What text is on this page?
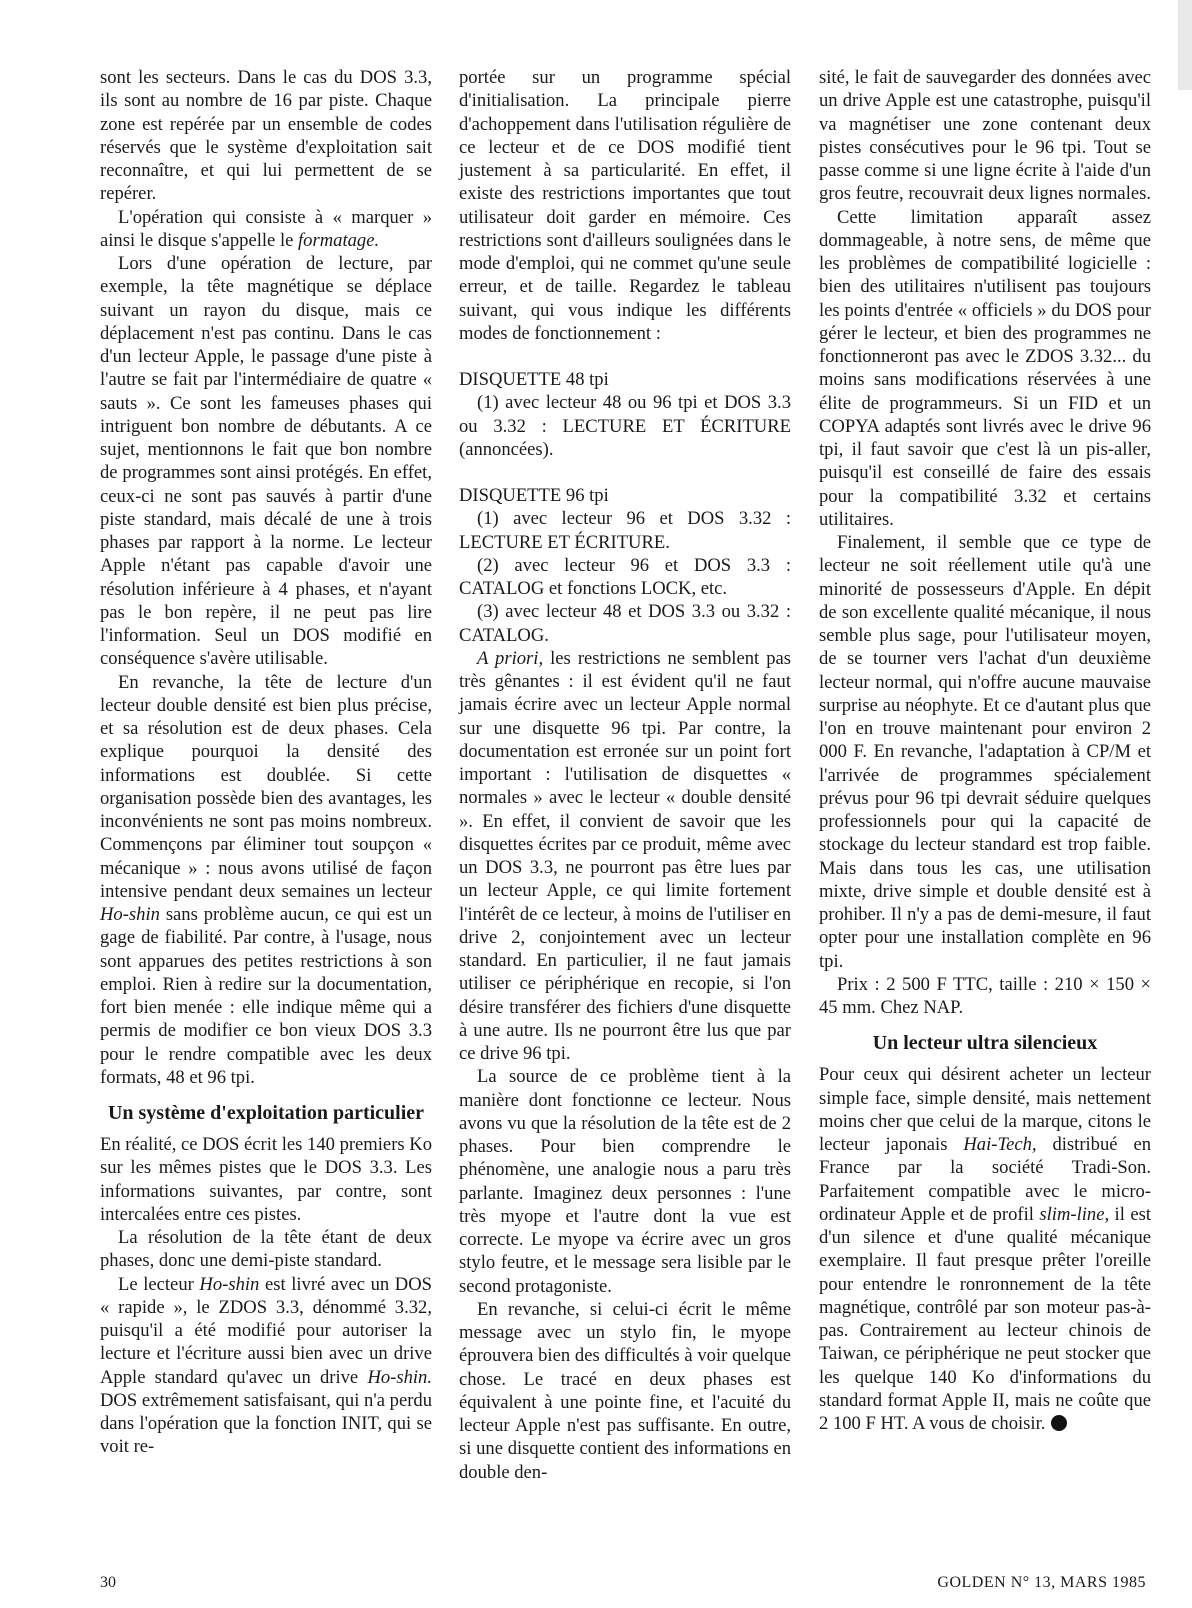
sont les secteurs. Dans le cas du DOS 3.3, ils sont au nombre de 16 par piste. Chaque zone est repérée par un ensemble de codes réservés que le système d'exploitation sait reconnaître, et qui lui permettent de se repérer.

L'opération qui consiste à « marquer » ainsi le disque s'appelle le formatage.

Lors d'une opération de lecture, par exemple, la tête magnétique se déplace suivant un rayon du disque, mais ce déplacement n'est pas continu. Dans le cas d'un lecteur Apple, le passage d'une piste à l'autre se fait par l'intermédiaire de quatre « sauts ». Ce sont les fameuses phases qui intriguent bon nombre de débutants. A ce sujet, mentionnons le fait que bon nombre de programmes sont ainsi protégés. En effet, ceux-ci ne sont pas sauvés à partir d'une piste standard, mais décalé de une à trois phases par rapport à la norme. Le lecteur Apple n'étant pas capable d'avoir une résolution inférieure à 4 phases, et n'ayant pas le bon repère, il ne peut pas lire l'information. Seul un DOS modifié en conséquence s'avère utilisable.

En revanche, la tête de lecture d'un lecteur double densité est bien plus précise, et sa résolution est de deux phases. Cela explique pourquoi la densité des informations est doublée. Si cette organisation possède bien des avantages, les inconvénients ne sont pas moins nombreux. Commençons par éliminer tout soupçon « mécanique » : nous avons utilisé de façon intensive pendant deux semaines un lecteur Ho-shin sans problème aucun, ce qui est un gage de fiabilité. Par contre, à l'usage, nous sont apparues des petites restrictions à son emploi. Rien à redire sur la documentation, fort bien menée : elle indique même qui a permis de modifier ce bon vieux DOS 3.3 pour le rendre compatible avec les deux formats, 48 et 96 tpi.

Un système d'exploitation particulier

En réalité, ce DOS écrit les 140 premiers Ko sur les mêmes pistes que le DOS 3.3. Les informations suivantes, par contre, sont intercalées entre ces pistes.

La résolution de la tête étant de deux phases, donc une demi-piste standard.

Le lecteur Ho-shin est livré avec un DOS « rapide », le ZDOS 3.3, dénommé 3.32, puisqu'il a été modifié pour autoriser la lecture et l'écriture aussi bien avec un drive Apple standard qu'avec un drive Ho-shin. DOS extrêmement satisfaisant, qui n'a perdu dans l'opération que la fonction INIT, qui se voit re-

portée sur un programme spécial d'initialisation. La principale pierre d'achoppement dans l'utilisation régulière de ce lecteur et de ce DOS modifié tient justement à sa particularité. En effet, il existe des restrictions importantes que tout utilisateur doit garder en mémoire. Ces restrictions sont d'ailleurs soulignées dans le mode d'emploi, qui ne commet qu'une seule erreur, et de taille. Regardez le tableau suivant, qui vous indique les différents modes de fonctionnement :

DISQUETTE 48 tpi

(1) avec lecteur 48 ou 96 tpi et DOS 3.3 ou 3.32 : LECTURE ET ÉCRITURE (annoncées).

DISQUETTE 96 tpi

(1) avec lecteur 96 et DOS 3.32 : LECTURE ET ÉCRITURE.

(2) avec lecteur 96 et DOS 3.3 : CATALOG et fonctions LOCK, etc.

(3) avec lecteur 48 et DOS 3.3 ou 3.32 : CATALOG.

A priori, les restrictions ne semblent pas très gênantes : il est évident qu'il ne faut jamais écrire avec un lecteur Apple normal sur une disquette 96 tpi. Par contre, la documentation est erronée sur un point fort important : l'utilisation de disquettes « normales » avec le lecteur « double densité ». En effet, il convient de savoir que les disquettes écrites par ce produit, même avec un DOS 3.3, ne pourront pas être lues par un lecteur Apple, ce qui limite fortement l'intérêt de ce lecteur, à moins de l'utiliser en drive 2, conjointement avec un lecteur standard. En particulier, il ne faut jamais utiliser ce périphérique en recopie, si l'on désire transférer des fichiers d'une disquette à une autre. Ils ne pourront être lus que par ce drive 96 tpi.

La source de ce problème tient à la manière dont fonctionne ce lecteur. Nous avons vu que la résolution de la tête est de 2 phases. Pour bien comprendre le phénomène, une analogie nous a paru très parlante. Imaginez deux personnes : l'une très myope et l'autre dont la vue est correcte. Le myope va écrire avec un gros stylo feutre, et le message sera lisible par le second protagoniste.

En revanche, si celui-ci écrit le même message avec un stylo fin, le myope éprouvera bien des difficultés à voir quelque chose. Le tracé en deux phases est équivalent à une pointe fine, et l'acuité du lecteur Apple n'est pas suffisante. En outre, si une disquette contient des informations en double den-

sité, le fait de sauvegarder des données avec un drive Apple est une catastrophe, puisqu'il va magnétiser une zone contenant deux pistes consécutives pour le 96 tpi. Tout se passe comme si une ligne écrite à l'aide d'un gros feutre, recouvrait deux lignes normales.

Cette limitation apparaît assez dommageable, à notre sens, de même que les problèmes de compatibilité logicielle : bien des utilitaires n'utilisent pas toujours les points d'entrée « officiels » du DOS pour gérer le lecteur, et bien des programmes ne fonctionneront pas avec le ZDOS 3.32... du moins sans modifications réservées à une élite de programmeurs. Si un FID et un COPYA adaptés sont livrés avec le drive 96 tpi, il faut savoir que c'est là un pis-aller, puisqu'il est conseillé de faire des essais pour la compatibilité 3.32 et certains utilitaires.

Finalement, il semble que ce type de lecteur ne soit réellement utile qu'à une minorité de possesseurs d'Apple. En dépit de son excellente qualité mécanique, il nous semble plus sage, pour l'utilisateur moyen, de se tourner vers l'achat d'un deuxième lecteur normal, qui n'offre aucune mauvaise surprise au néophyte. Et ce d'autant plus que l'on en trouve maintenant pour environ 2 000 F. En revanche, l'adaptation à CP/M et l'arrivée de programmes spécialement prévus pour 96 tpi devrait séduire quelques professionnels pour qui la capacité de stockage du lecteur standard est trop faible. Mais dans tous les cas, une utilisation mixte, drive simple et double densité est à prohiber. Il n'y a pas de demi-mesure, il faut opter pour une installation complète en 96 tpi.

Prix : 2 500 F TTC, taille : 210 × 150 × 45 mm. Chez NAP.

Un lecteur ultra silencieux

Pour ceux qui désirent acheter un lecteur simple face, simple densité, mais nettement moins cher que celui de la marque, citons le lecteur japonais Hai-Tech, distribué en France par la société Tradi-Son. Parfaitement compatible avec le micro-ordinateur Apple et de profil slim-line, il est d'un silence et d'une qualité mécanique exemplaire. Il faut presque prêter l'oreille pour entendre le ronronnement de la tête magnétique, contrôlé par son moteur pas-à-pas. Contrairement au lecteur chinois de Taiwan, ce périphérique ne peut stocker que les quelque 140 Ko d'informations du standard format Apple II, mais ne coûte que 2 100 F HT. A vous de choisir.

30	GOLDEN N° 13, MARS 1985
